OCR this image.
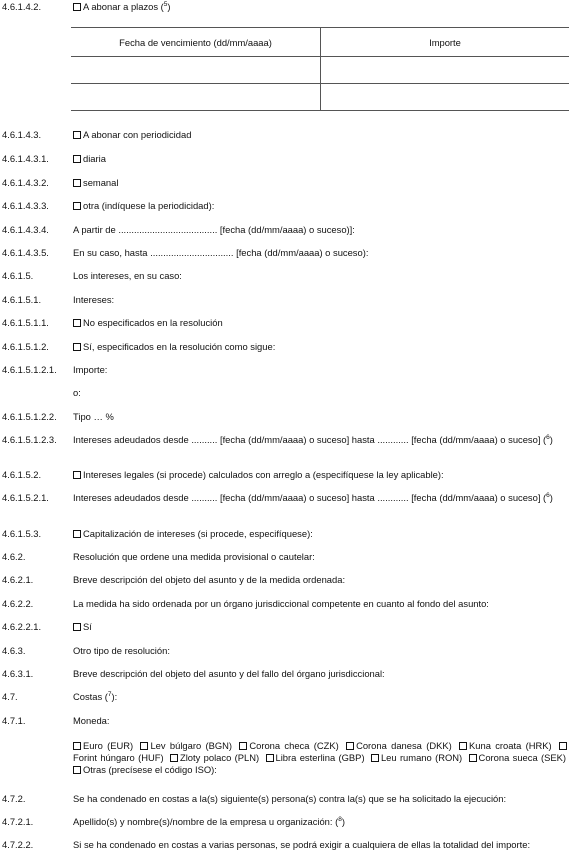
4.6.1.4.2.	A abonar a plazos ($^5$)
Fecha de vencimiento (dd/mm/aaaa)	Importe

4.6.1.4.3.	A abonar con periodicidad
4.6.1.4.3.1.	diaria
4.6.1.4.3.2.	semanal
4.6.1.4.3.3.	otra (indíquese la periodicidad):
4.6.1.4.3.4.	A partir de ...................................... [fecha (dd/mm/aaaa) o suceso)]:
4.6.1.4.3.5.	En su caso, hasta ................................ [fecha (dd/mm/aaaa) o suceso):
4.6.1.5.	Los intereses, en su caso:
4.6.1.5.1.	Intereses:
4.6.1.5.1.1.	No especificados en la resolución
4.6.1.5.1.2.	Sí, especificados en la resolución como sigue:
4.6.1.5.1.2.1. Importe:
o:
4.6.1.5.1.2.2. Tipo … %
4.6.1.5.1.2.3. Intereses adeudados desde .......... [fecha (dd/mm/aaaa) o suceso] hasta ............ [fecha (dd/mm/aaaa) o suceso] ($^6$)
4.6.1.5.2.	Intereses legales (si procede) calculados con arreglo a (especifíquese la ley aplicable):
4.6.1.5.2.1.	Intereses adeudados desde .......... [fecha (dd/mm/aaaa) o suceso] hasta ............ [fecha (dd/mm/aaaa) o suceso] ($^6$)
4.6.1.5.3.	Capitalización de intereses (si procede, especifíquese):
4.6.2.	Resolución que ordene una medida provisional o cautelar:
4.6.2.1.	Breve descripción del objeto del asunto y de la medida ordenada:
4.6.2.2.	La medida ha sido ordenada por un órgano jurisdiccional competente en cuanto al fondo del asunto:
4.6.2.2.1.	Sí
4.6.3.	Otro tipo de resolución:
4.6.3.1.	Breve descripción del objeto del asunto y del fallo del órgano jurisdiccional:
4.7.	Costas ($^7$):
4.7.1.	Moneda:
Euro (EUR) Lev búlgaro (BGN) Corona checa (CZK) Corona danesa (DKK) Kuna croata (HRK) Forint húngaro (HUF) Zloty polaco (PLN) Libra esterlina (GBP) Leu rumano (RON) Corona sueca (SEK) Otras (precísese el código ISO):
4.7.2.	Se ha condenado en costas a la(s) siguiente(s) persona(s) contra la(s) que se ha solicitado la ejecución:
4.7.2.1.	Apellido(s) y nombre(s)/nombre de la empresa u organización: ($^8$)
4.7.2.2.	Si se ha condenado en costas a varias personas, se podrá exigir a cualquiera de ellas la totalidad del importe:
